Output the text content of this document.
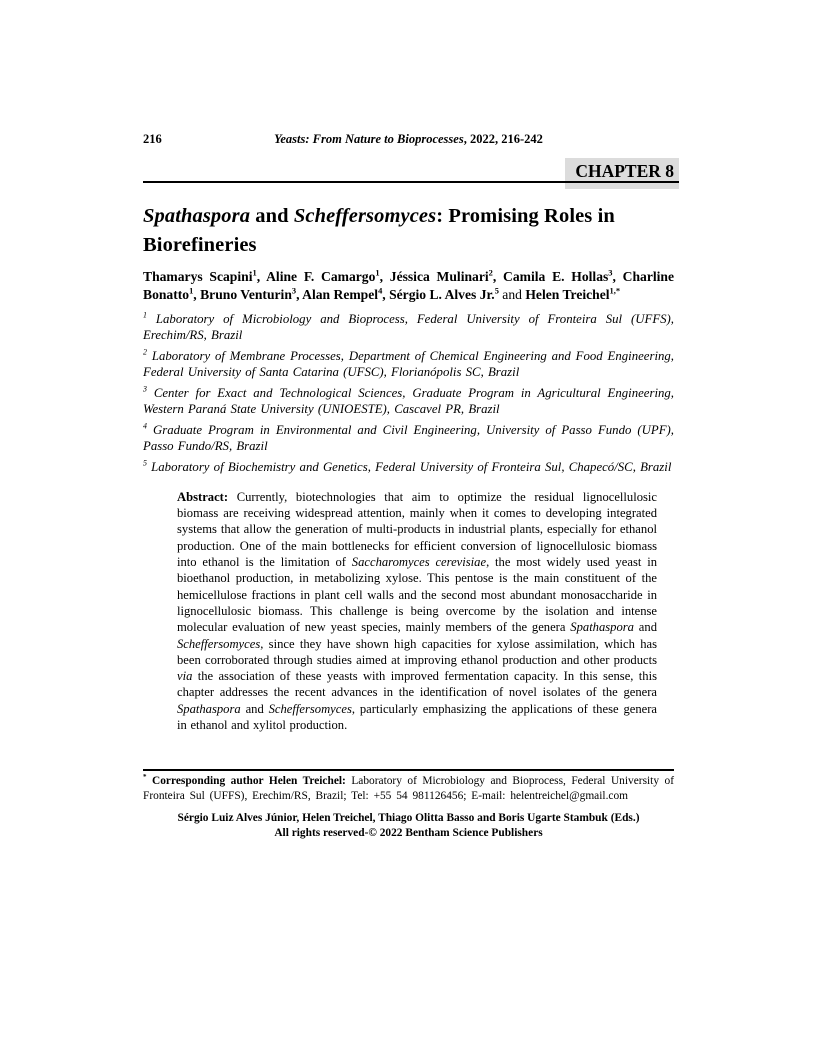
216	Yeasts: From Nature to Bioprocesses, 2022, 216-242
CHAPTER 8
Spathaspora and Scheffersomyces: Promising Roles in Biorefineries

Thamarys Scapini$^1$, Aline F. Camargo$^1$, Jéssica Mulinari$^2$, Camila E. Hollas$^3$, Charline Bonatto$^1$, Bruno Venturin$^3$, Alan Rempel$^4$, Sérgio L. Alves Jr.$^5$ and Helen Treichel$^{1,*}$

$^1$ Laboratory of Microbiology and Bioprocess, Federal University of Fronteira Sul (UFFS), Erechim/RS, Brazil

$^2$ Laboratory of Membrane Processes, Department of Chemical Engineering and Food Engineering, Federal University of Santa Catarina (UFSC), Florianópolis SC, Brazil

$^3$ Center for Exact and Technological Sciences, Graduate Program in Agricultural Engineering, Western Paraná State University (UNIOESTE), Cascavel PR, Brazil

$^4$ Graduate Program in Environmental and Civil Engineering, University of Passo Fundo (UPF), Passo Fundo/RS, Brazil

$^5$ Laboratory of Biochemistry and Genetics, Federal University of Fronteira Sul, Chapecó/SC, Brazil

Abstract: Currently, biotechnologies that aim to optimize the residual lignocellulosic biomass are receiving widespread attention, mainly when it comes to developing integrated systems that allow the generation of multi-products in industrial plants, especially for ethanol production. One of the main bottlenecks for efficient conversion of lignocellulosic biomass into ethanol is the limitation of Saccharomyces cerevisiae, the most widely used yeast in bioethanol production, in metabolizing xylose. This pentose is the main constituent of the hemicellulose fractions in plant cell walls and the second most abundant monosaccharide in lignocellulosic biomass. This challenge is being overcome by the isolation and intense molecular evaluation of new yeast species, mainly members of the genera Spathaspora and Scheffersomyces, since they have shown high capacities for xylose assimilation, which has been corroborated through studies aimed at improving ethanol production and other products via the association of these yeasts with improved fermentation capacity. In this sense, this chapter addresses the recent advances in the identification of novel isolates of the genera Spathaspora and Scheffersomyces, particularly emphasizing the applications of these genera in ethanol and xylitol production.

* Corresponding author Helen Treichel: Laboratory of Microbiology and Bioprocess, Federal University of Fronteira Sul (UFFS), Erechim/RS, Brazil; Tel: +55 54 981126456; E-mail: helentreichel@gmail.com

Sérgio Luiz Alves Júnior, Helen Treichel, Thiago Olitta Basso and Boris Ugarte Stambuk (Eds.)
All rights reserved-© 2022 Bentham Science Publishers
